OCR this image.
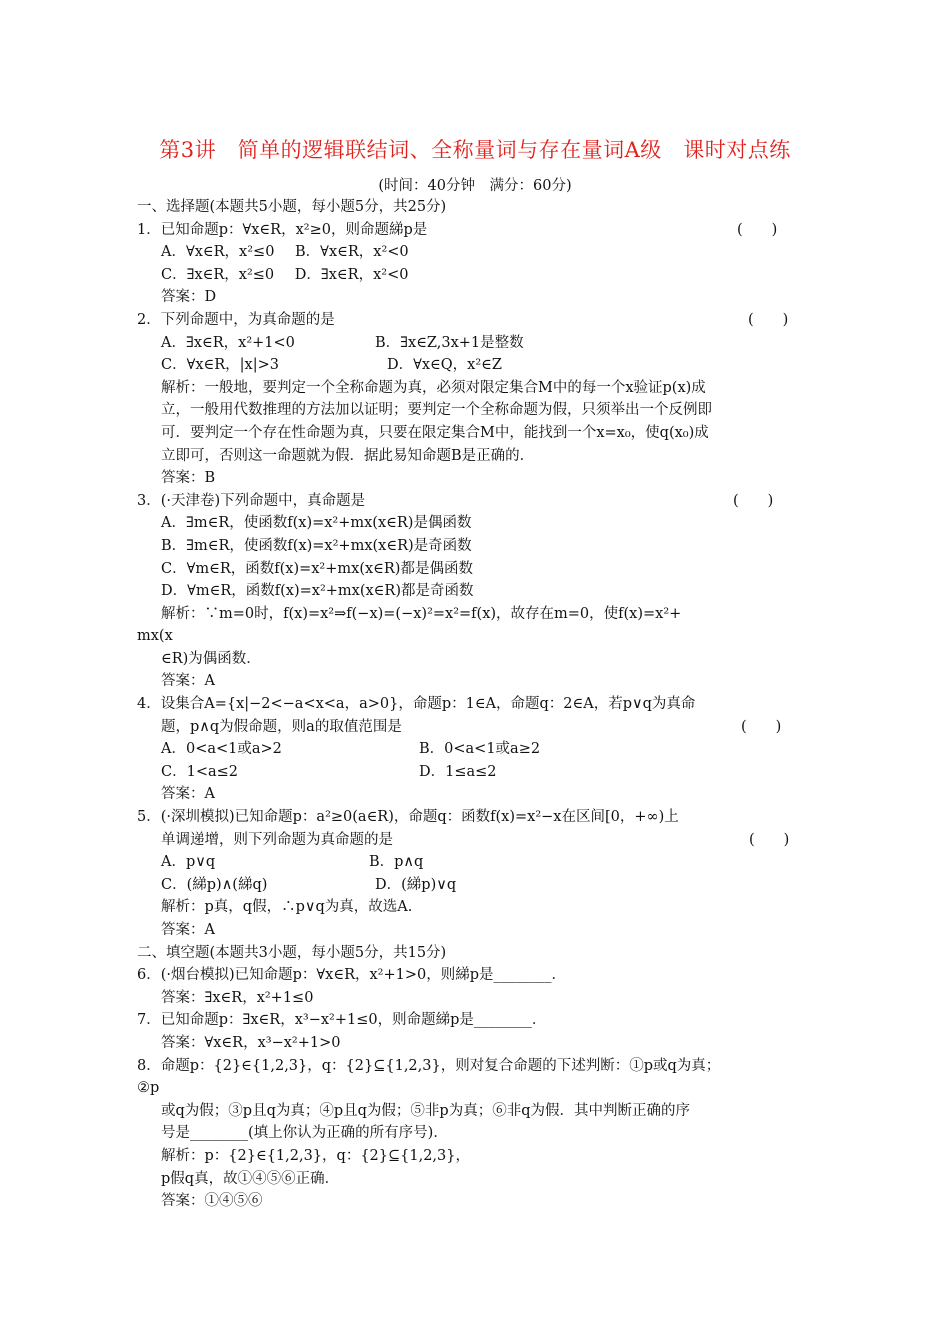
第3讲　简单的逻辑联结词、全称量词与存在量词A级　课时对点练
(时间：40分钟　满分：60分)
一、选择题(本题共5小题，每小题5分，共25分)
1．已知命题p：∀x∈R，x²≥0，则命题綈p是	(　　)
A．∀x∈R，x²≤0 B．∀x∈R，x²<0
C．∃x∈R，x²≤0 D．∃x∈R，x²<0
答案：D
2．下列命题中，为真命题的是	(　　)
A．∃x∈R，x²+1<0	B．∃x∈Z,3x+1是整数
C．∀x∈R，|x|>3	D．∀x∈Q，x²∈Z
解析：一般地，要判定一个全称命题为真，必须对限定集合M中的每一个x验证p(x)成
立，一般用代数推理的方法加以证明；要判定一个全称命题为假，只须举出一个反例即
可．要判定一个存在性命题为真，只要在限定集合M中，能找到一个x=x₀，使q(x₀)成
立即可，否则这一命题就为假．据此易知命题B是正确的．
答案：B
3．(·天津卷)下列命题中，真命题是	(　　)
A．∃m∈R，使函数f(x)=x²+mx(x∈R)是偶函数
B．∃m∈R，使函数f(x)=x²+mx(x∈R)是奇函数
C．∀m∈R，函数f(x)=x²+mx(x∈R)都是偶函数
D．∀m∈R，函数f(x)=x²+mx(x∈R)都是奇函数
解析：∵m=0时，f(x)=x²⇒f(−x)=(−x)²=x²=f(x)，故存在m=0，使f(x)=x²+
mx(x
∈R)为偶函数．
答案：A
4．设集合A={x|−2<−a<x<a，a>0}，命题p：1∈A，命题q：2∈A，若p∨q为真命
题，p∧q为假命题，则a的取值范围是	(　　)
A．0<a<1或a>2	B．0<a<1或a≥2
C．1<a≤2	D．1≤a≤2
答案：A
5．(·深圳模拟)已知命题p：a²≥0(a∈R)，命题q：函数f(x)=x²−x在区间[0，+∞)上
单调递增，则下列命题为真命题的是	(　　)
A．p∨q	B．p∧q
C．(綈p)∧(綈q)	D．(綈p)∨q
解析：p真，q假，∴p∨q为真，故选A.
答案：A
二、填空题(本题共3小题，每小题5分，共15分)
6．(·烟台模拟)已知命题p：∀x∈R，x²+1>0，则綈p是________．
答案：∃x∈R，x²+1≤0
7．已知命题p：∃x∈R，x³−x²+1≤0，则命题綈p是________．
答案：∀x∈R，x³−x²+1>0
8．命题p：{2}∈{1,2,3}，q：{2}⊆{1,2,3}，则对复合命题的下述判断：①p或q为真；
②p
或q为假；③p且q为真；④p且q为假；⑤非p为真；⑥非q为假．其中判断正确的序
号是________(填上你认为正确的所有序号)．
解析：p：{2}∈{1,2,3}，q：{2}⊆{1,2,3}，
p假q真，故①④⑤⑥正确．
答案：①④⑤⑥
